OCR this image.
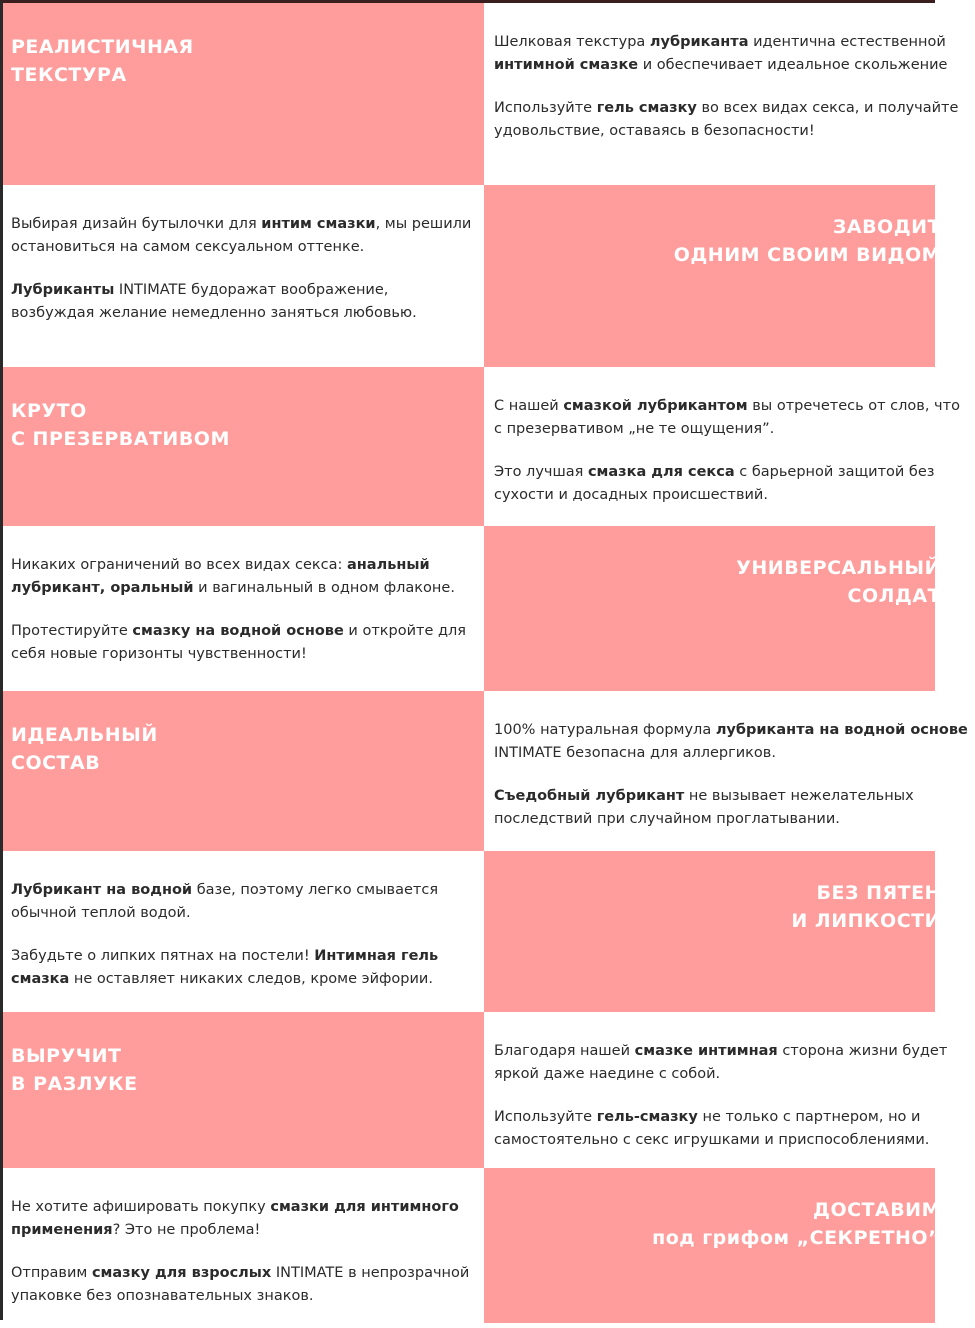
РЕАЛИСТИЧНАЯ
ТЕКСТУРА

Шелковая текстура лубриканта идентична естественной
интимной смазке и обеспечивает идеальное скольжение

Используйте гель смазку во всех видах секса, и получайте
удовольствие, оставаясь в безопасности!

Выбирая дизайн бутылочки для интим смазки, мы решили остановиться на самом сексуальном оттенке.

Лубриканты INTIMATE будоражат воображение, возбуждая желание немедленно заняться любовью.

ЗАВОДИТ
ОДНИМ СВОИМ ВИДОМ
КРУТО
С ПРЕЗЕРВАТИВОМ

С нашей смазкой лубрикантом вы отречетесь от слов, что
с презервативом „не те ощущения”.

Это лучшая смазка для секса с барьерной защитой без
сухости и досадных происшествий.

Никаких ограничений во всех видах секса: анальный лубрикант, оральный и вагинальный в одном флаконе.

Протестируйте смазку на водной основе и откройте для себя новые горизонты чувственности!

УНИВЕРСАЛЬНЫЙ
СОЛДАТ
ИДЕАЛЬНЫЙ
СОСТАВ

100% натуральная формула лубриканта на водной основе
INTIMATE безопасна для аллергиков.

Съедобный лубрикант не вызывает нежелательных
последствий при случайном проглатывании.

Лубрикант на водной базе, поэтому легко смывается обычной теплой водой.

Забудьте о липких пятнах на постели! Интимная гель смазка не оставляет никаких следов, кроме эйфории.

БЕЗ ПЯТЕН
И ЛИПКОСТИ
ВЫРУЧИТ
В РАЗЛУКЕ

Благодаря нашей смазке интимная сторона жизни будет
яркой даже наедине с собой.

Используйте гель-смазку не только с партнером, но и
самостоятельно с секс игрушками и приспособлениями.

Не хотите афишировать покупку смазки для интимного применения? Это не проблема!

Отправим смазку для взрослых INTIMATE в непрозрачной упаковке без опознавательных знаков.

ДОСТАВИМ
под грифом „СЕКРЕТНО”
